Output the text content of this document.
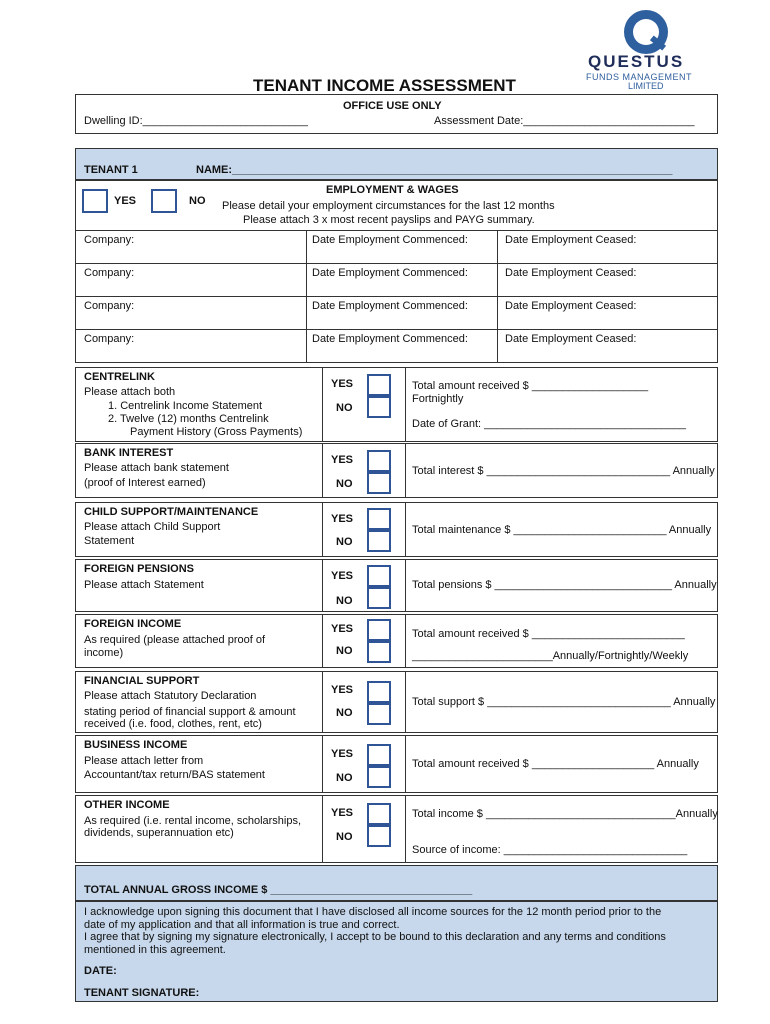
QUESTUS
FUNDS MANAGEMENT
LIMITED
TENANT INCOME ASSESSMENT
OFFICE USE ONLY
Dwelling ID:___________________________	Assessment Date:____________________________
TENANT 1	NAME:________________________________________________________________________
YES	NO
EMPLOYMENT & WAGES
Please detail your employment circumstances for the last 12 months
Please attach 3 x most recent payslips and PAYG summary.
Company:	Date Employment Commenced:	Date Employment Ceased:
Company:	Date Employment Commenced:	Date Employment Ceased:
Company:	Date Employment Commenced:	Date Employment Ceased:
Company:	Date Employment Commenced:	Date Employment Ceased:
CENTRELINK
Please attach both
1. Centrelink Income Statement
2. Twelve (12) months Centrelink
Payment History (Gross Payments)
YES
NO
Total amount received $ ___________________
Fortnightly
Date of Grant: _________________________________
BANK INTEREST
Please attach bank statement
(proof of Interest earned)
YES
NO
Total interest $ ______________________________ Annually
CHILD SUPPORT/MAINTENANCE
Please attach Child Support
Statement
YES
NO
Total maintenance $ _________________________ Annually
FOREIGN PENSIONS
Please attach Statement
YES
NO
Total pensions $ _____________________________ Annually
FOREIGN INCOME
As required (please attached proof of
income)
YES
NO
Total amount received $ _________________________
_______________________Annually/Fortnightly/Weekly
FINANCIAL SUPPORT
Please attach Statutory Declaration
stating period of financial support & amount
received (i.e. food, clothes, rent, etc)
YES
NO
Total support $ ______________________________ Annually
BUSINESS INCOME
Please attach letter from
Accountant/tax return/BAS statement
YES
NO
Total amount received $ ____________________ Annually
OTHER INCOME
As required (i.e. rental income, scholarships,
dividends, superannuation etc)
YES
NO
Total income $ _______________________________Annually
Source of income: ______________________________
TOTAL ANNUAL GROSS INCOME $ _________________________________
I acknowledge upon signing this document that I have disclosed all income sources for the 12 month period prior to the
date of my application and that all information is true and correct.
I agree that by signing my signature electronically, I accept to be bound to this declaration and any terms and conditions
mentioned in this agreement.
DATE:
TENANT SIGNATURE:
